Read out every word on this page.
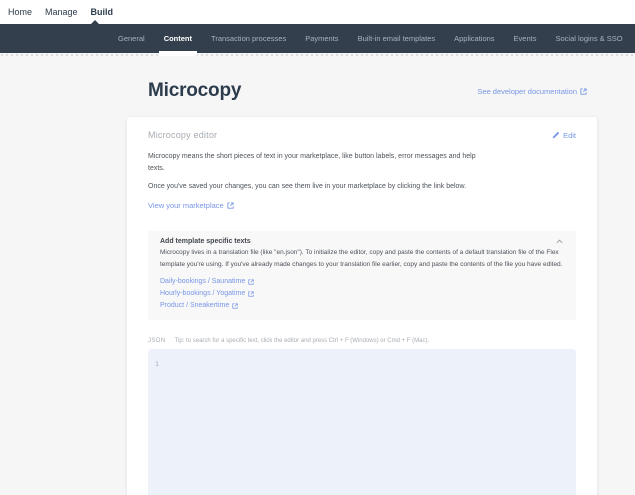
Home Manage Build
General	Content	Transaction processes	Payments	Built-in email templates	Applications	Events	Social logins & SSO
Microcopy	See developer documentation
Microcopy editor	Edit

Microcopy means the short pieces of text in your marketplace, like button labels, error messages and help texts.

Once you've saved your changes, you can see them live in your marketplace by clicking the link below.

View your marketplace
Add template specific texts

Microcopy lives in a translation file (like "en.json"). To initialize the editor, copy and paste the contents of a default translation file of the Flex template you're using. If you've already made changes to your translation file earlier, copy and paste the contents of the file you have edited.

Daily-bookings / Saunatime
Hourly-bookings / Yogatime
Product / Sneakertime
JSON Tip: to search for a specific text, click the editor and press Ctrl + F (Windows) or Cmd + F (Mac).
1
